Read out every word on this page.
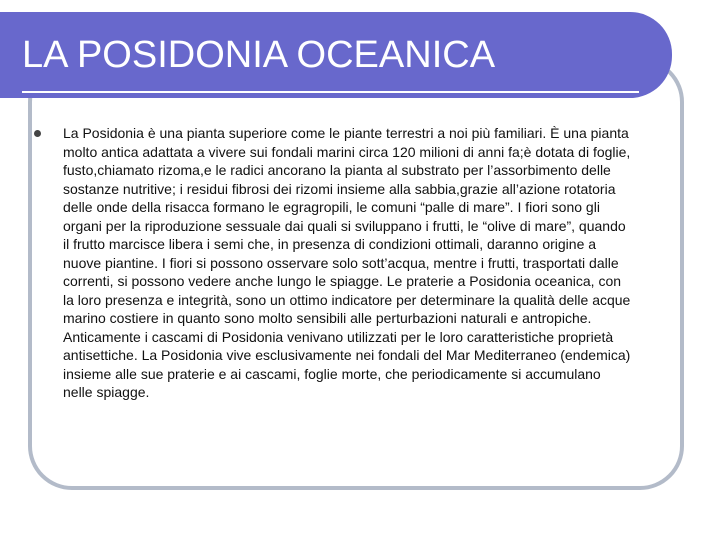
LA POSIDONIA OCEANICA

La Posidonia è una pianta superiore come le piante terrestri a noi più familiari. È una pianta molto antica adattata a vivere sui fondali marini circa 120 milioni di anni fa;è dotata di foglie, fusto,chiamato rizoma,e le radici ancorano la pianta al substrato per l’assorbimento delle sostanze nutritive; i residui fibrosi dei rizomi insieme alla sabbia,grazie all’azione rotatoria delle onde della risacca formano le egragropili, le comuni “palle di mare”. I fiori sono gli organi per la riproduzione sessuale dai quali si sviluppano i frutti, le “olive di mare”, quando il frutto marcisce libera i semi che, in presenza di condizioni ottimali, daranno origine a nuove piantine. I fiori si possono osservare solo sott’acqua, mentre i frutti, trasportati dalle correnti, si possono vedere anche lungo le spiagge. Le praterie a Posidonia oceanica, con la loro presenza e integrità, sono un ottimo indicatore per determinare la qualità delle acque marino costiere in quanto sono molto sensibili alle perturbazioni naturali e antropiche. Anticamente i cascami di Posidonia venivano utilizzati per le loro caratteristiche proprietà antisettiche. La Posidonia vive esclusivamente nei fondali del Mar Mediterraneo (endemica) insieme alle sue praterie e ai cascami, foglie morte, che periodicamente si accumulano nelle spiagge.
